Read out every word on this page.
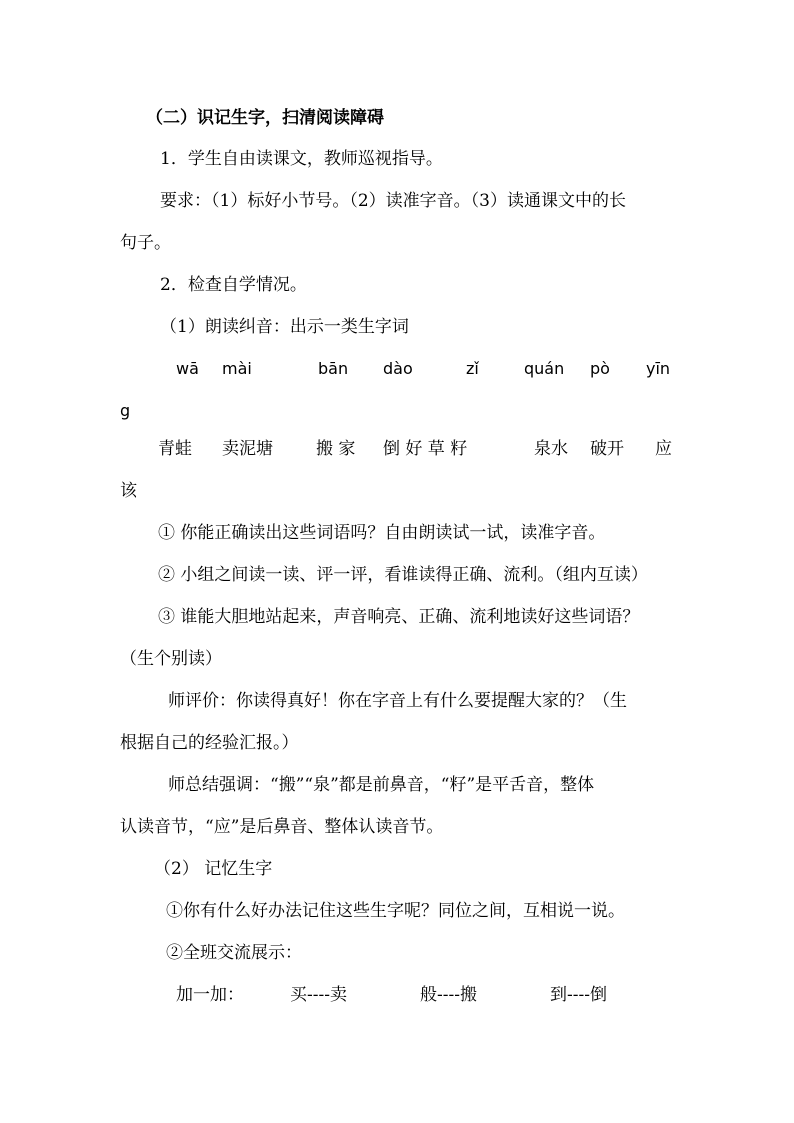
（二）识记生字，扫清阅读障碍
1．学生自由读课文，教师巡视指导。
要求：（1）标好小节号。（2）读准字音。（3）读通课文中的长
句子。
2．检查自学情况。
（1）朗读纠音：出示一类生字词
wā mài	bān dào	zǐ	quán pò yīn
g
青蛙 卖泥塘	搬 家 倒 好 草 籽	泉水 破开 应
该
① 你能正确读出这些词语吗？自由朗读试一试，读准字音。
② 小组之间读一读、评一评，看谁读得正确、流利。（组内互读）
③ 谁能大胆地站起来，声音响亮、正确、流利地读好这些词语？
（生个别读）
师评价：你读得真好！你在字音上有什么要提醒大家的？（生
根据自己的经验汇报。）
师总结强调：“搬”“泉”都是前鼻音，“籽”是平舌音，整体
认读音节，“应”是后鼻音、整体认读音节。
（2） 记忆生字
①你有什么好办法记住这些生字呢？同位之间，互相说一说。
②全班交流展示：
加一加：	买----卖	般----搬	到----倒
